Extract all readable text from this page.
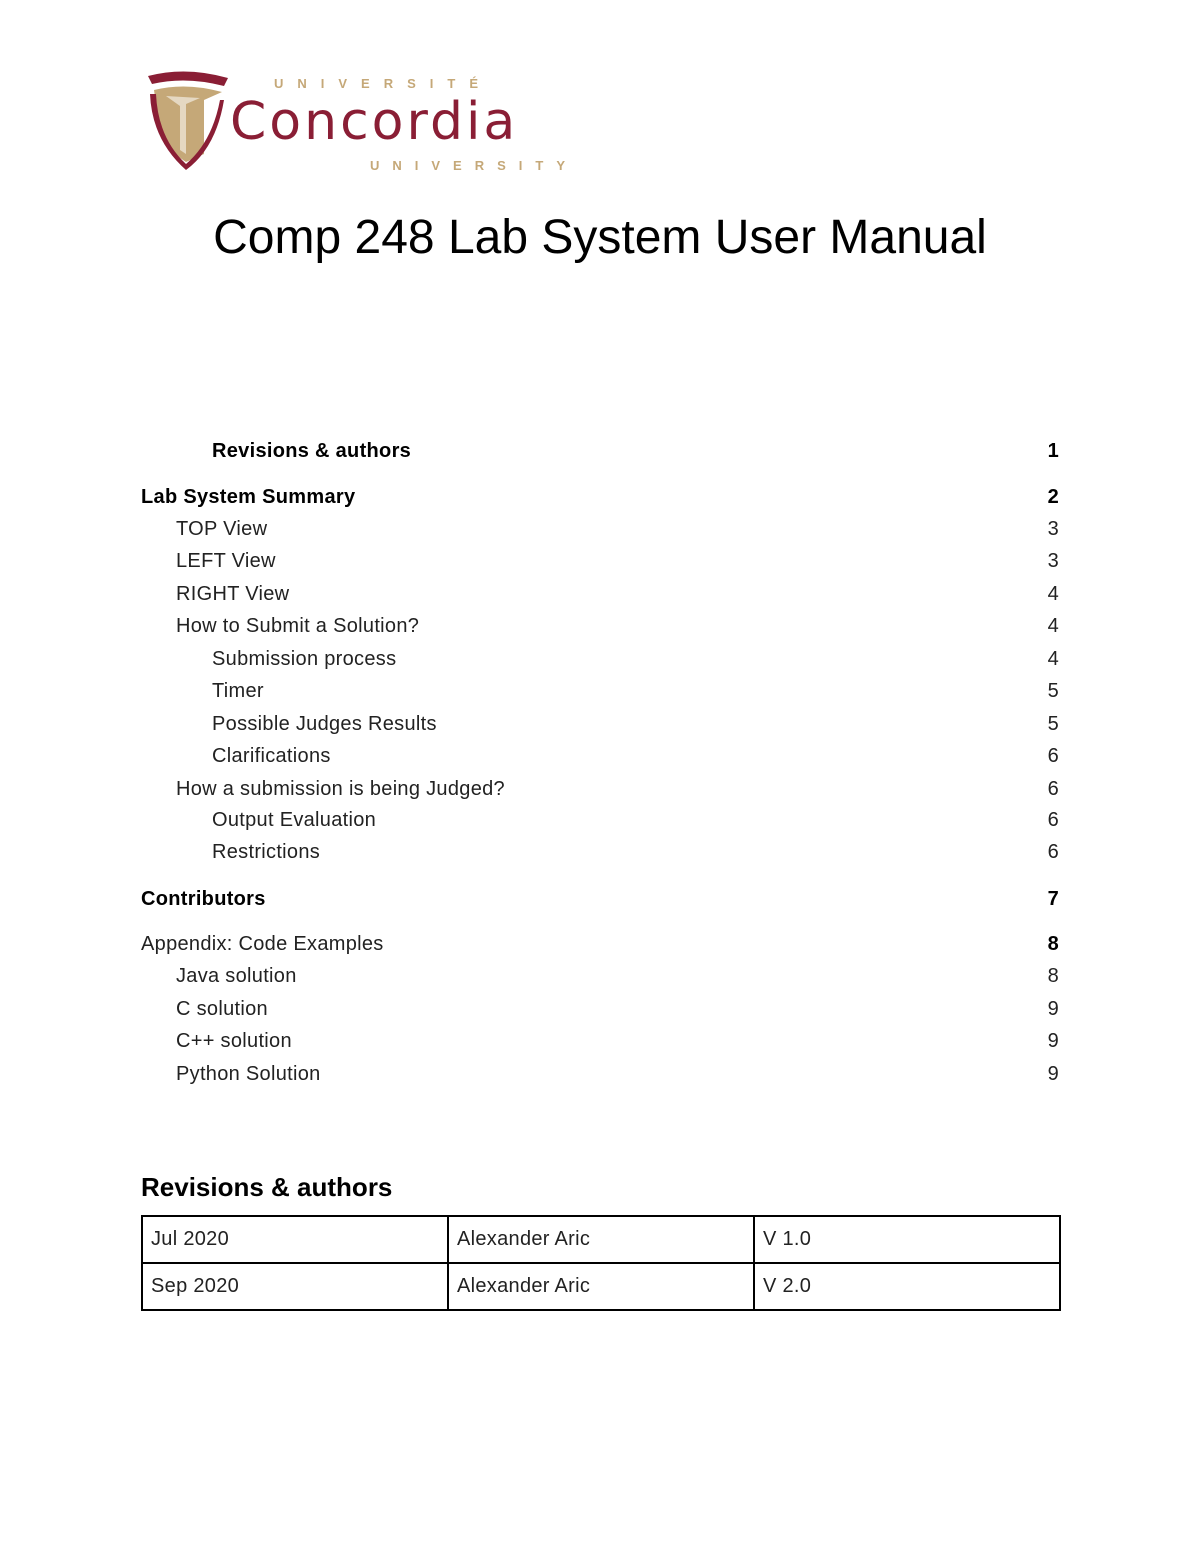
UNIVERSITÉ
Concordia
UNIVERSITY
Comp 248 Lab System User Manual
Revisions & authors	1
Lab System Summary	2
TOP View	3
LEFT View	3
RIGHT View	4
How to Submit a Solution?	4
Submission process	4
Timer	5
Possible Judges Results	5
Clarifications	6
How a submission is being Judged?	6
Output Evaluation	6
Restrictions	6
Contributors	7
Appendix: Code Examples	8
Java solution	8
C solution	9
C++ solution	9
Python Solution	9
Revisions & authors
Jul 2020	Alexander Aric	V 1.0
Sep 2020	Alexander Aric	V 2.0
